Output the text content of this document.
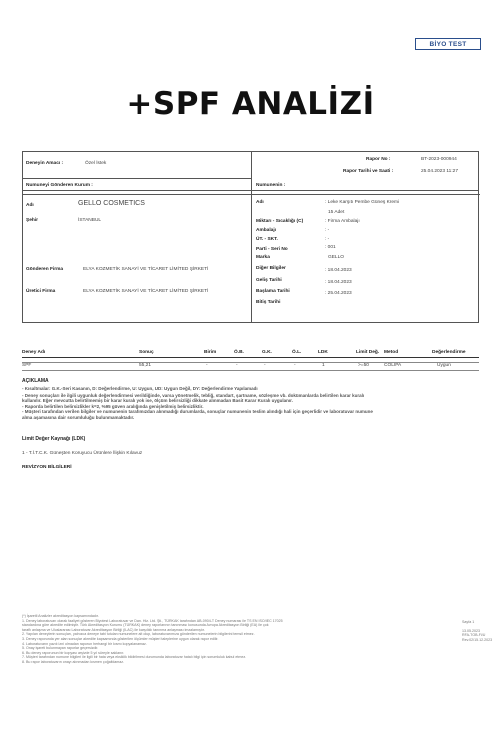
BİYO TEST
+SPF ANALİZİ
Deneyin Amacı :	Özel İstek
Rapor No :	BT-2023-000944
Rapor Tarihi ve Saati :	25.04.2023 11:27
Numuneyi Gönderen Kurum :	Numunenin :
Adı	GELLO COSMETICS
Şehir	İSTANBUL
Gönderen Firma	ELYA KOZMETİK SANAYİ VE TİCARET LİMİTED ŞİRKETİ
Üretici Firma	ELYA KOZMETİK SANAYİ VE TİCARET LİMİTED ŞİRKETİ
Adı	: Leke Karşıtı Pembe Güneş Kremi
15 Adet
Miktarı - Sıcaklığı (C)	: Firma Ambalajı
Ambalajı	: -
ÜT. - SKT.	: -
Parti - Seri No	: 001
Marka	GELLO
Diğer Bilgiler	: 18.04.2023
Geliş Tarihi	: 18.04.2023
Başlama Tarihi	: 25.04.2023
Bitiş Tarihi
Deney Adı	Sonuç	Birim	Ö.B.	G.K.	Ö.L.	LDK	Limit Değ. Metod	Değerlendirme
SPF	55,21	-	-	-	-	1	>=50	COLIPA	Uygun
AÇIKLAMA
- Kısaltmalar: G.K.-Seri Kasanın, D: Değerlendirme, U: Uygun, UD: Uygun Değil, DY: Değerlendirme Yapılamadı
- Deney sonuçları ile ilgili uygunluk değerlendirmesi verildiğinde, varsa yönetmelik, tebliğ, standart, şartname, sözleşme vb. dokümanlarda belirtilen karar kuralı
kullanılır. Eğer mevcutta belirtilmemiş bir karar kuralı yok ise, ölçüm belirsizliği dikkate alınmadan Basit Karar Kuralı uygulanır.
- Raporda belirtilen belirsizlikler k=2, %95 güven aralığında genişletilmiş belirsizliktir.
- Müşteri tarafından verilen bilgiler ve numunenin tarafımızdan alınmadığı durumlarda, sonuçlar numunenin teslim alındığı hali için geçerlidir ve laboratuvar numune
alma aşamasına dair sorumluluğu bulunmamaktadır.
Limit Değer Kaynağı (LDK)
1 - T.İ.T.C.K. Güneşten Koruyucu Ürünlere İlişkin Kılavuz
REVİZYON BİLGİLERİ
(*) İşaretli Analizler akreditasyon kapsamındadır.
1. Deney laboratuvarı olarak faaliyet gösteren Biyotest Laboratuvar ve Dan. Hiz. Ltd. Şti., TÜRKAK tarafından AB-0904-T Deney numarası ile TS EN ISO/IEC 17025
standardına göre akredite edilmiştir. Türk Akreditasyon Kurumu (TÜRKAK) deney raporlarının tanınması konusunda Avrupa Akreditasyon Birliği (EA) ile çok
taraflı anlaşma ve Uluslararası Laboratuvar Akreditasyon Birliği (ILAC) ile karşılıklı tanınma anlaşması imzalamıştır.
2. Yapılan deneylerin sonuçları, yalnızca deneye tabi tutulan numunelere ait olup, laboratuvarımıza gönderilen numunelerin bilgilerini temsil etmez.
3. Deney raporunda yer alan sonuçlar akredite kapsamında gösterilen ölçümler müşteri taleplerine uygun olarak rapor edilir.
4. Laboratuvarın yazılı izni olmadan raporun herhangi bir kısmı kopyalanamaz.
5. Onay işareti bulunmayan raporlar geçersizdir.
6. Bu deney raporunun bir kopyası arşivde 5 yıl süreyle saklanır.
7. Müşteri tarafından numune bilgileri ile ilgili bir hata veya eksiklik bildirilmesi durumunda laboratuvar hatalı bilgi için sorumluluk kabul etmez.
8. Bu rapor laboratuvarın onayı alınmadan kısmen çoğaltılamaz.
Sayfa 1
13.05.2023
RFA-TOB-Fi/U
Rev.02/15.12.2023
